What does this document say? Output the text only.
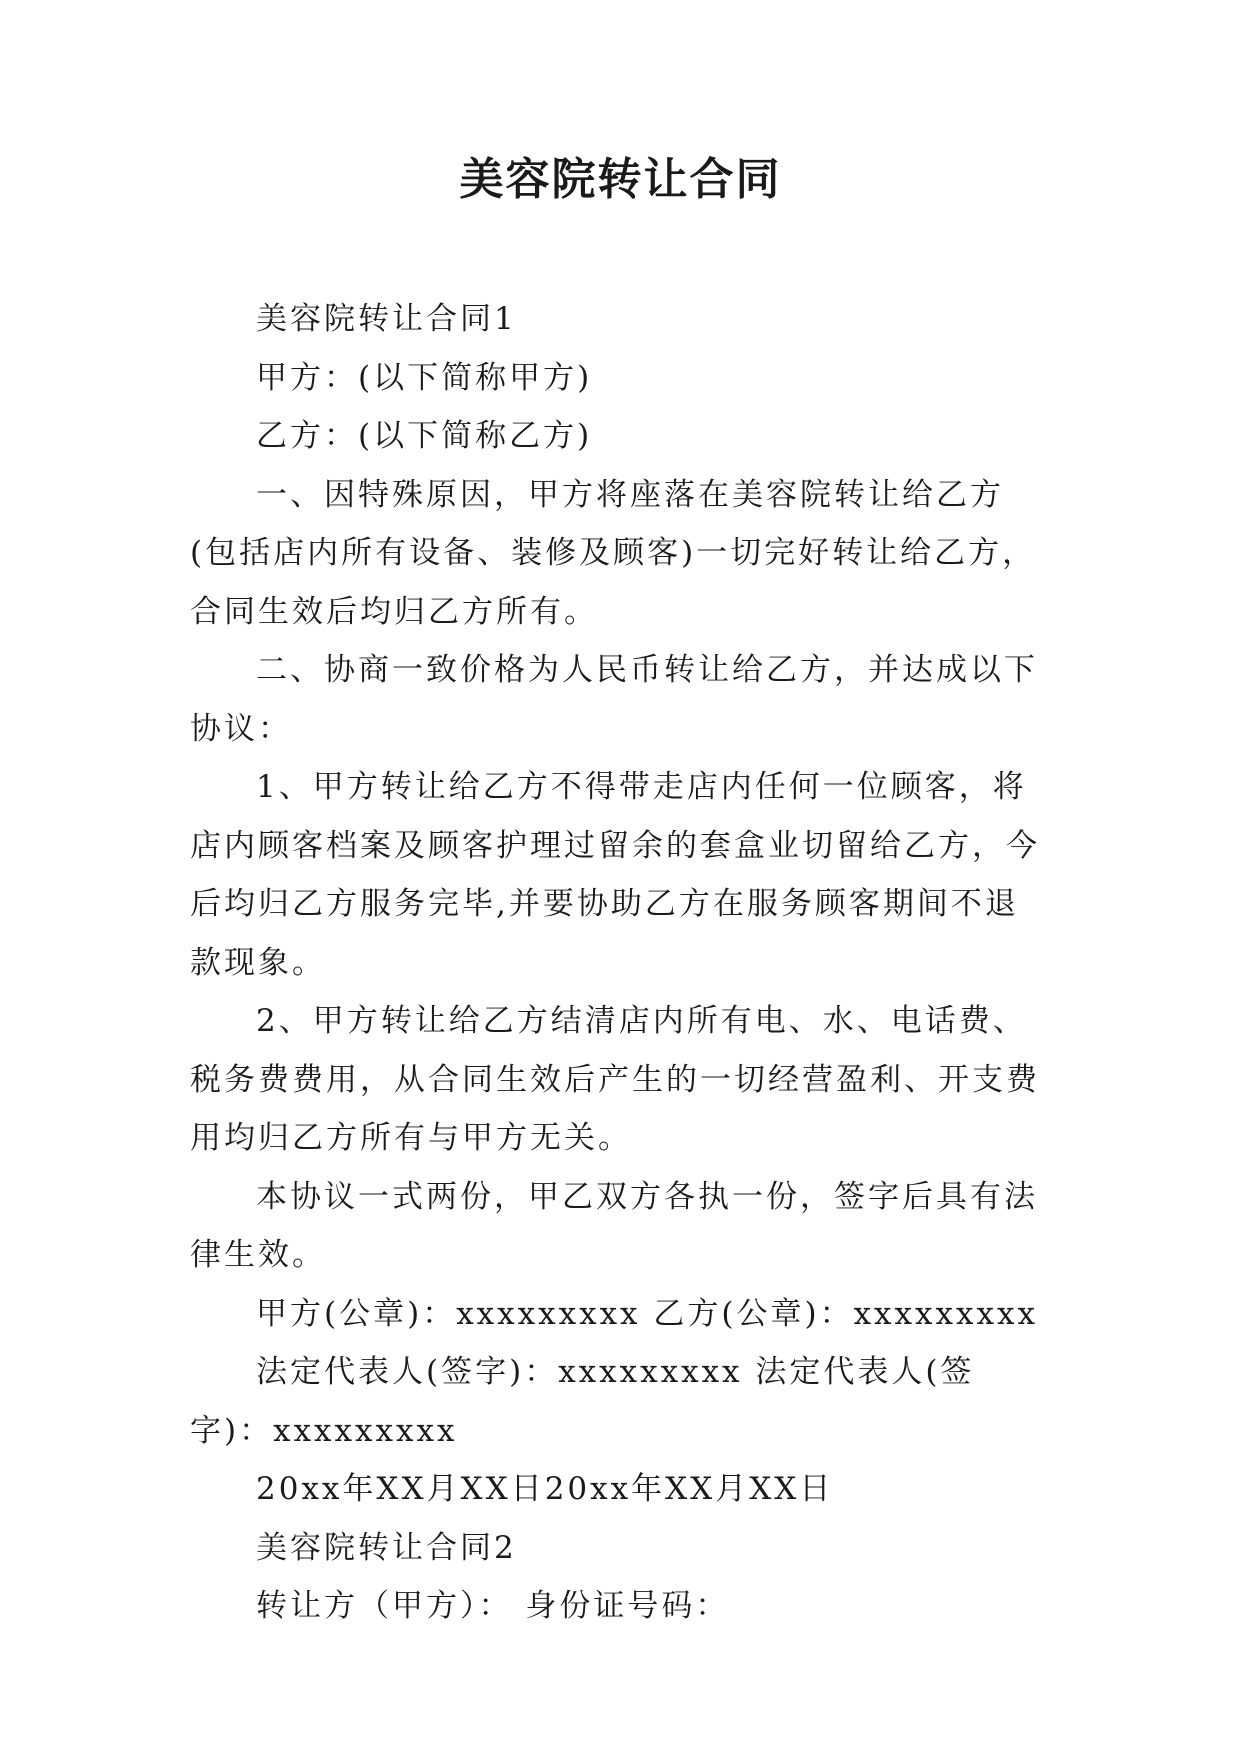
美容院转让合同

美容院转让合同1

甲方：(以下简称甲方)

乙方：(以下简称乙方)

一、因特殊原因，甲方将座落在美容院转让给乙方(包括店内所有设备、装修及顾客)一切完好转让给乙方，合同生效后均归乙方所有。

二、协商一致价格为人民币转让给乙方，并达成以下协议：

1、甲方转让给乙方不得带走店内任何一位顾客，将店内顾客档案及顾客护理过留余的套盒业切留给乙方，今后均归乙方服务完毕,并要协助乙方在服务顾客期间不退款现象。

2、甲方转让给乙方结清店内所有电、水、电话费、税务费费用，从合同生效后产生的一切经营盈利、开支费用均归乙方所有与甲方无关。

本协议一式两份，甲乙双方各执一份，签字后具有法律生效。

甲方(公章)：xxxxxxxxx 乙方(公章)：xxxxxxxxx

法定代表人(签字)：xxxxxxxxx 法定代表人(签字)：xxxxxxxxx

20xx年XX月XX日20xx年XX月XX日

美容院转让合同2

转让方（甲方）： 身份证号码：
